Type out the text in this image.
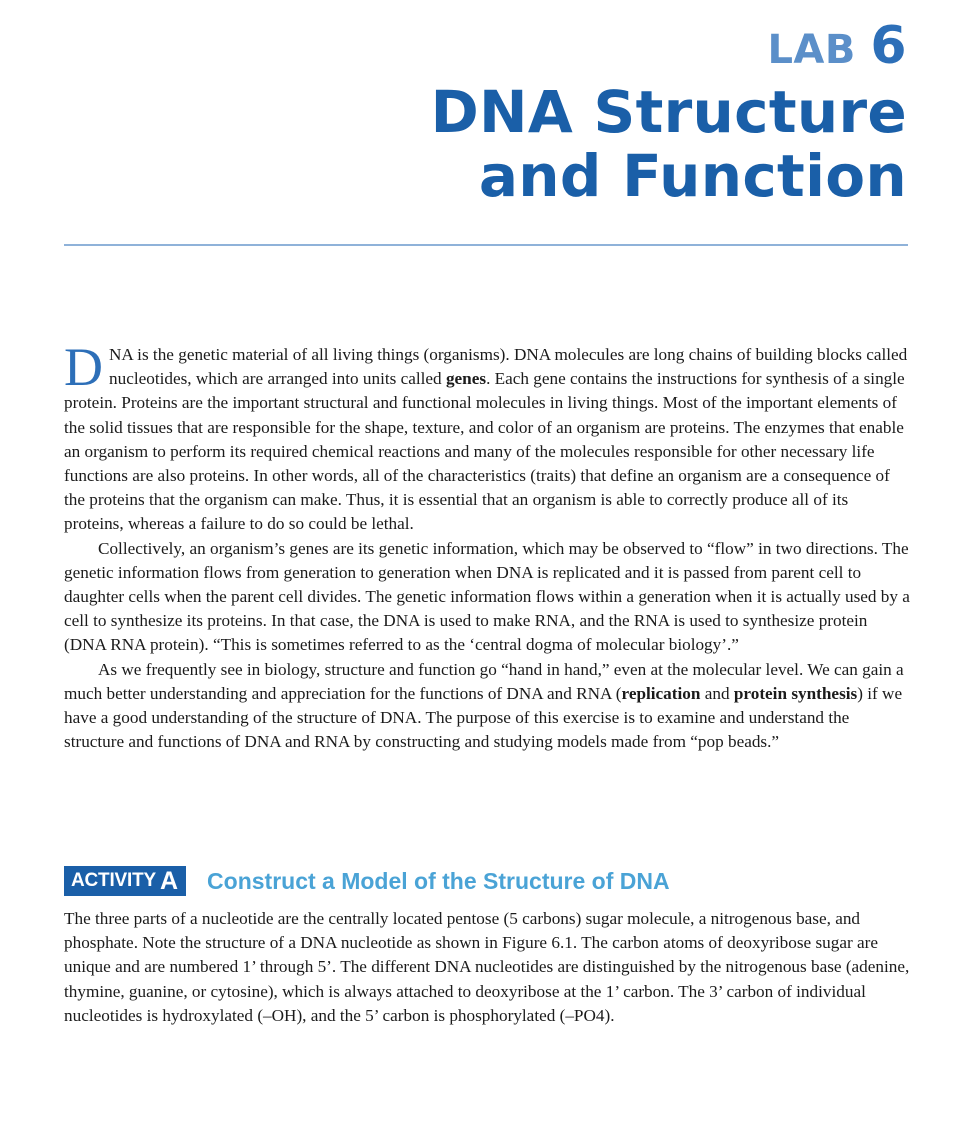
LAB 6
DNA Structure
and Function

DNA is the genetic material of all living things (organisms). DNA molecules are long chains of building blocks called nucleotides, which are arranged into units called genes. Each gene contains the instructions for synthesis of a single protein. Proteins are the important structural and functional molecules in living things. Most of the important elements of the solid tissues that are responsible for the shape, texture, and color of an organism are proteins. The enzymes that enable an organism to perform its required chemical reactions and many of the molecules responsible for other necessary life functions are also proteins. In other words, all of the characteristics (traits) that define an organism are a consequence of the proteins that the organism can make. Thus, it is essential that an organism is able to correctly produce all of its proteins, whereas a failure to do so could be lethal.

Collectively, an organism’s genes are its genetic information, which may be observed to “flow” in two directions. The genetic information flows from generation to generation when DNA is replicated and it is passed from parent cell to daughter cells when the parent cell divides. The genetic information flows within a generation when it is actually used by a cell to synthesize its proteins. In that case, the DNA is used to make RNA, and the RNA is used to synthesize protein (DNA RNA protein). “This is sometimes referred to as the ‘central dogma of molecular biology’.”

As we frequently see in biology, structure and function go “hand in hand,” even at the molecular level. We can gain a much better understanding and appreciation for the functions of DNA and RNA (replication and protein synthesis) if we have a good understanding of the structure of DNA. The purpose of this exercise is to examine and understand the structure and functions of DNA and RNA by constructing and studying models made from “pop beads.”

ACTIVITY A Construct a Model of the Structure of DNA

The three parts of a nucleotide are the centrally located pentose (5 carbons) sugar molecule, a nitrogenous base, and phosphate. Note the structure of a DNA nucleotide as shown in Figure 6.1. The carbon atoms of deoxyribose sugar are unique and are numbered 1’ through 5’. The different DNA nucleotides are distinguished by the nitrogenous base (adenine, thymine, guanine, or cytosine), which is always attached to deoxyribose at the 1’ carbon. The 3’ carbon of individual nucleotides is hydroxylated (–OH), and the 5’ carbon is phosphorylated (–PO4).
